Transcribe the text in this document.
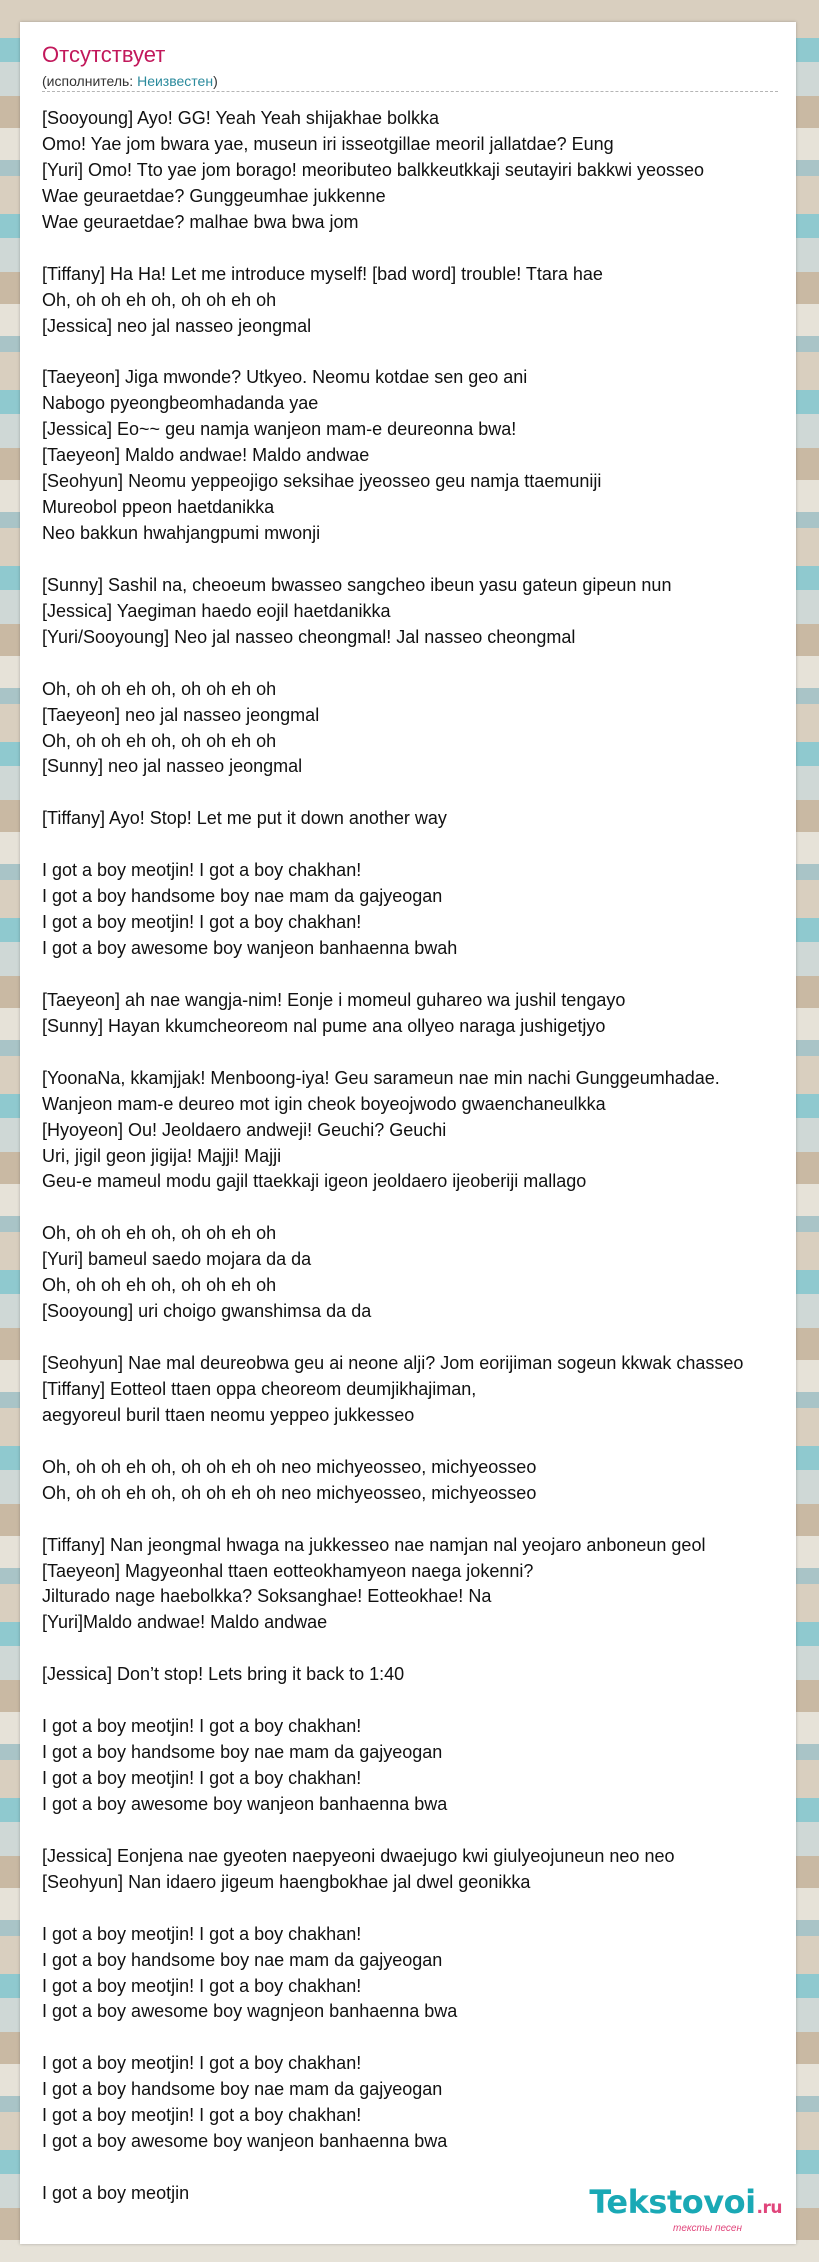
Отсутствует
(исполнитель: Неизвестен)
[Sooyoung] Ayo! GG! Yeah Yeah shijakhae bolkka
Omo! Yae jom bwara yae, museun iri isseotgillae meoril jallatdae? Eung
[Yuri] Omo! Tto yae jom borago! meoributeo balkkeutkkaji seutayiri bakkwi yeosseo
Wae geuraetdae? Gunggeumhae jukkenne
Wae geuraetdae? malhae bwa bwa jom
[Tiffany] Ha Ha! Let me introduce myself! [bad word] trouble! Ttara hae
Oh, oh oh eh oh, oh oh eh oh
[Jessica] neo jal nasseo jeongmal
[Taeyeon] Jiga mwonde? Utkyeo. Neomu kotdae sen geo ani
Nabogo pyeongbeomhadanda yae
[Jessica] Eo~~ geu namja wanjeon mam-e deureonna bwa!
[Taeyeon] Maldo andwae! Maldo andwae
[Seohyun] Neomu yeppeojigo seksihae jyeosseo geu namja ttaemuniji
Mureobol ppeon haetdanikka
Neo bakkun hwahjangpumi mwonji
[Sunny] Sashil na, cheoeum bwasseo sangcheo ibeun yasu gateun gipeun nun
[Jessica] Yaegiman haedo eojil haetdanikka
[Yuri/Sooyoung] Neo jal nasseo cheongmal! Jal nasseo cheongmal
Oh, oh oh eh oh, oh oh eh oh
[Taeyeon] neo jal nasseo jeongmal
Oh, oh oh eh oh, oh oh eh oh
[Sunny] neo jal nasseo jeongmal
[Tiffany] Ayo! Stop! Let me put it down another way
I got a boy meotjin! I got a boy chakhan!
I got a boy handsome boy nae mam da gajyeogan
I got a boy meotjin! I got a boy chakhan!
I got a boy awesome boy wanjeon banhaenna bwah
[Taeyeon] ah nae wangja-nim! Eonje i momeul guhareo wa jushil tengayo
[Sunny] Hayan kkumcheoreom nal pume ana ollyeo naraga jushigetjyo
[YoonaNa, kkamjjak! Menboong-iya! Geu sarameun nae min nachi Gunggeumhadae.
Wanjeon mam-e deureo mot igin cheok boyeojwodo gwaenchaneulkka
[Hyoyeon] Ou! Jeoldaero andweji! Geuchi? Geuchi
Uri, jigil geon jigija! Majji! Majji
Geu-e mameul modu gajil ttaekkaji igeon jeoldaero ijeoberiji mallago
Oh, oh oh eh oh, oh oh eh oh
[Yuri] bameul saedo mojara da da
Oh, oh oh eh oh, oh oh eh oh
[Sooyoung] uri choigo gwanshimsa da da
[Seohyun] Nae mal deureobwa geu ai neone alji? Jom eorijiman sogeun kkwak chasseo
[Tiffany] Eotteol ttaen oppa cheoreom deumjikhajiman,
aegyoreul buril ttaen neomu yeppeo jukkesseo
Oh, oh oh eh oh, oh oh eh oh neo michyeosseo, michyeosseo
Oh, oh oh eh oh, oh oh eh oh neo michyeosseo, michyeosseo
[Tiffany] Nan jeongmal hwaga na jukkesseo nae namjan nal yeojaro anboneun geol
[Taeyeon] Magyeonhal ttaen eotteokhamyeon naega jokenni?
Jilturado nage haebolkka? Soksanghae! Eotteokhae! Na
[Yuri]Maldo andwae! Maldo andwae
[Jessica] Don’t stop! Lets bring it back to 1:40
I got a boy meotjin! I got a boy chakhan!
I got a boy handsome boy nae mam da gajyeogan
I got a boy meotjin! I got a boy chakhan!
I got a boy awesome boy wanjeon banhaenna bwa
[Jessica] Eonjena nae gyeoten naepyeoni dwaejugo kwi giulyeojuneun neo neo
[Seohyun] Nan idaero jigeum haengbokhae jal dwel geonikka
I got a boy meotjin! I got a boy chakhan!
I got a boy handsome boy nae mam da gajyeogan
I got a boy meotjin! I got a boy chakhan!
I got a boy awesome boy wagnjeon banhaenna bwa
I got a boy meotjin! I got a boy chakhan!
I got a boy handsome boy nae mam da gajyeogan
I got a boy meotjin! I got a boy chakhan!
I got a boy awesome boy wanjeon banhaenna bwa
I got a boy meotjin	Tekstovoi.ru
тексты песен
